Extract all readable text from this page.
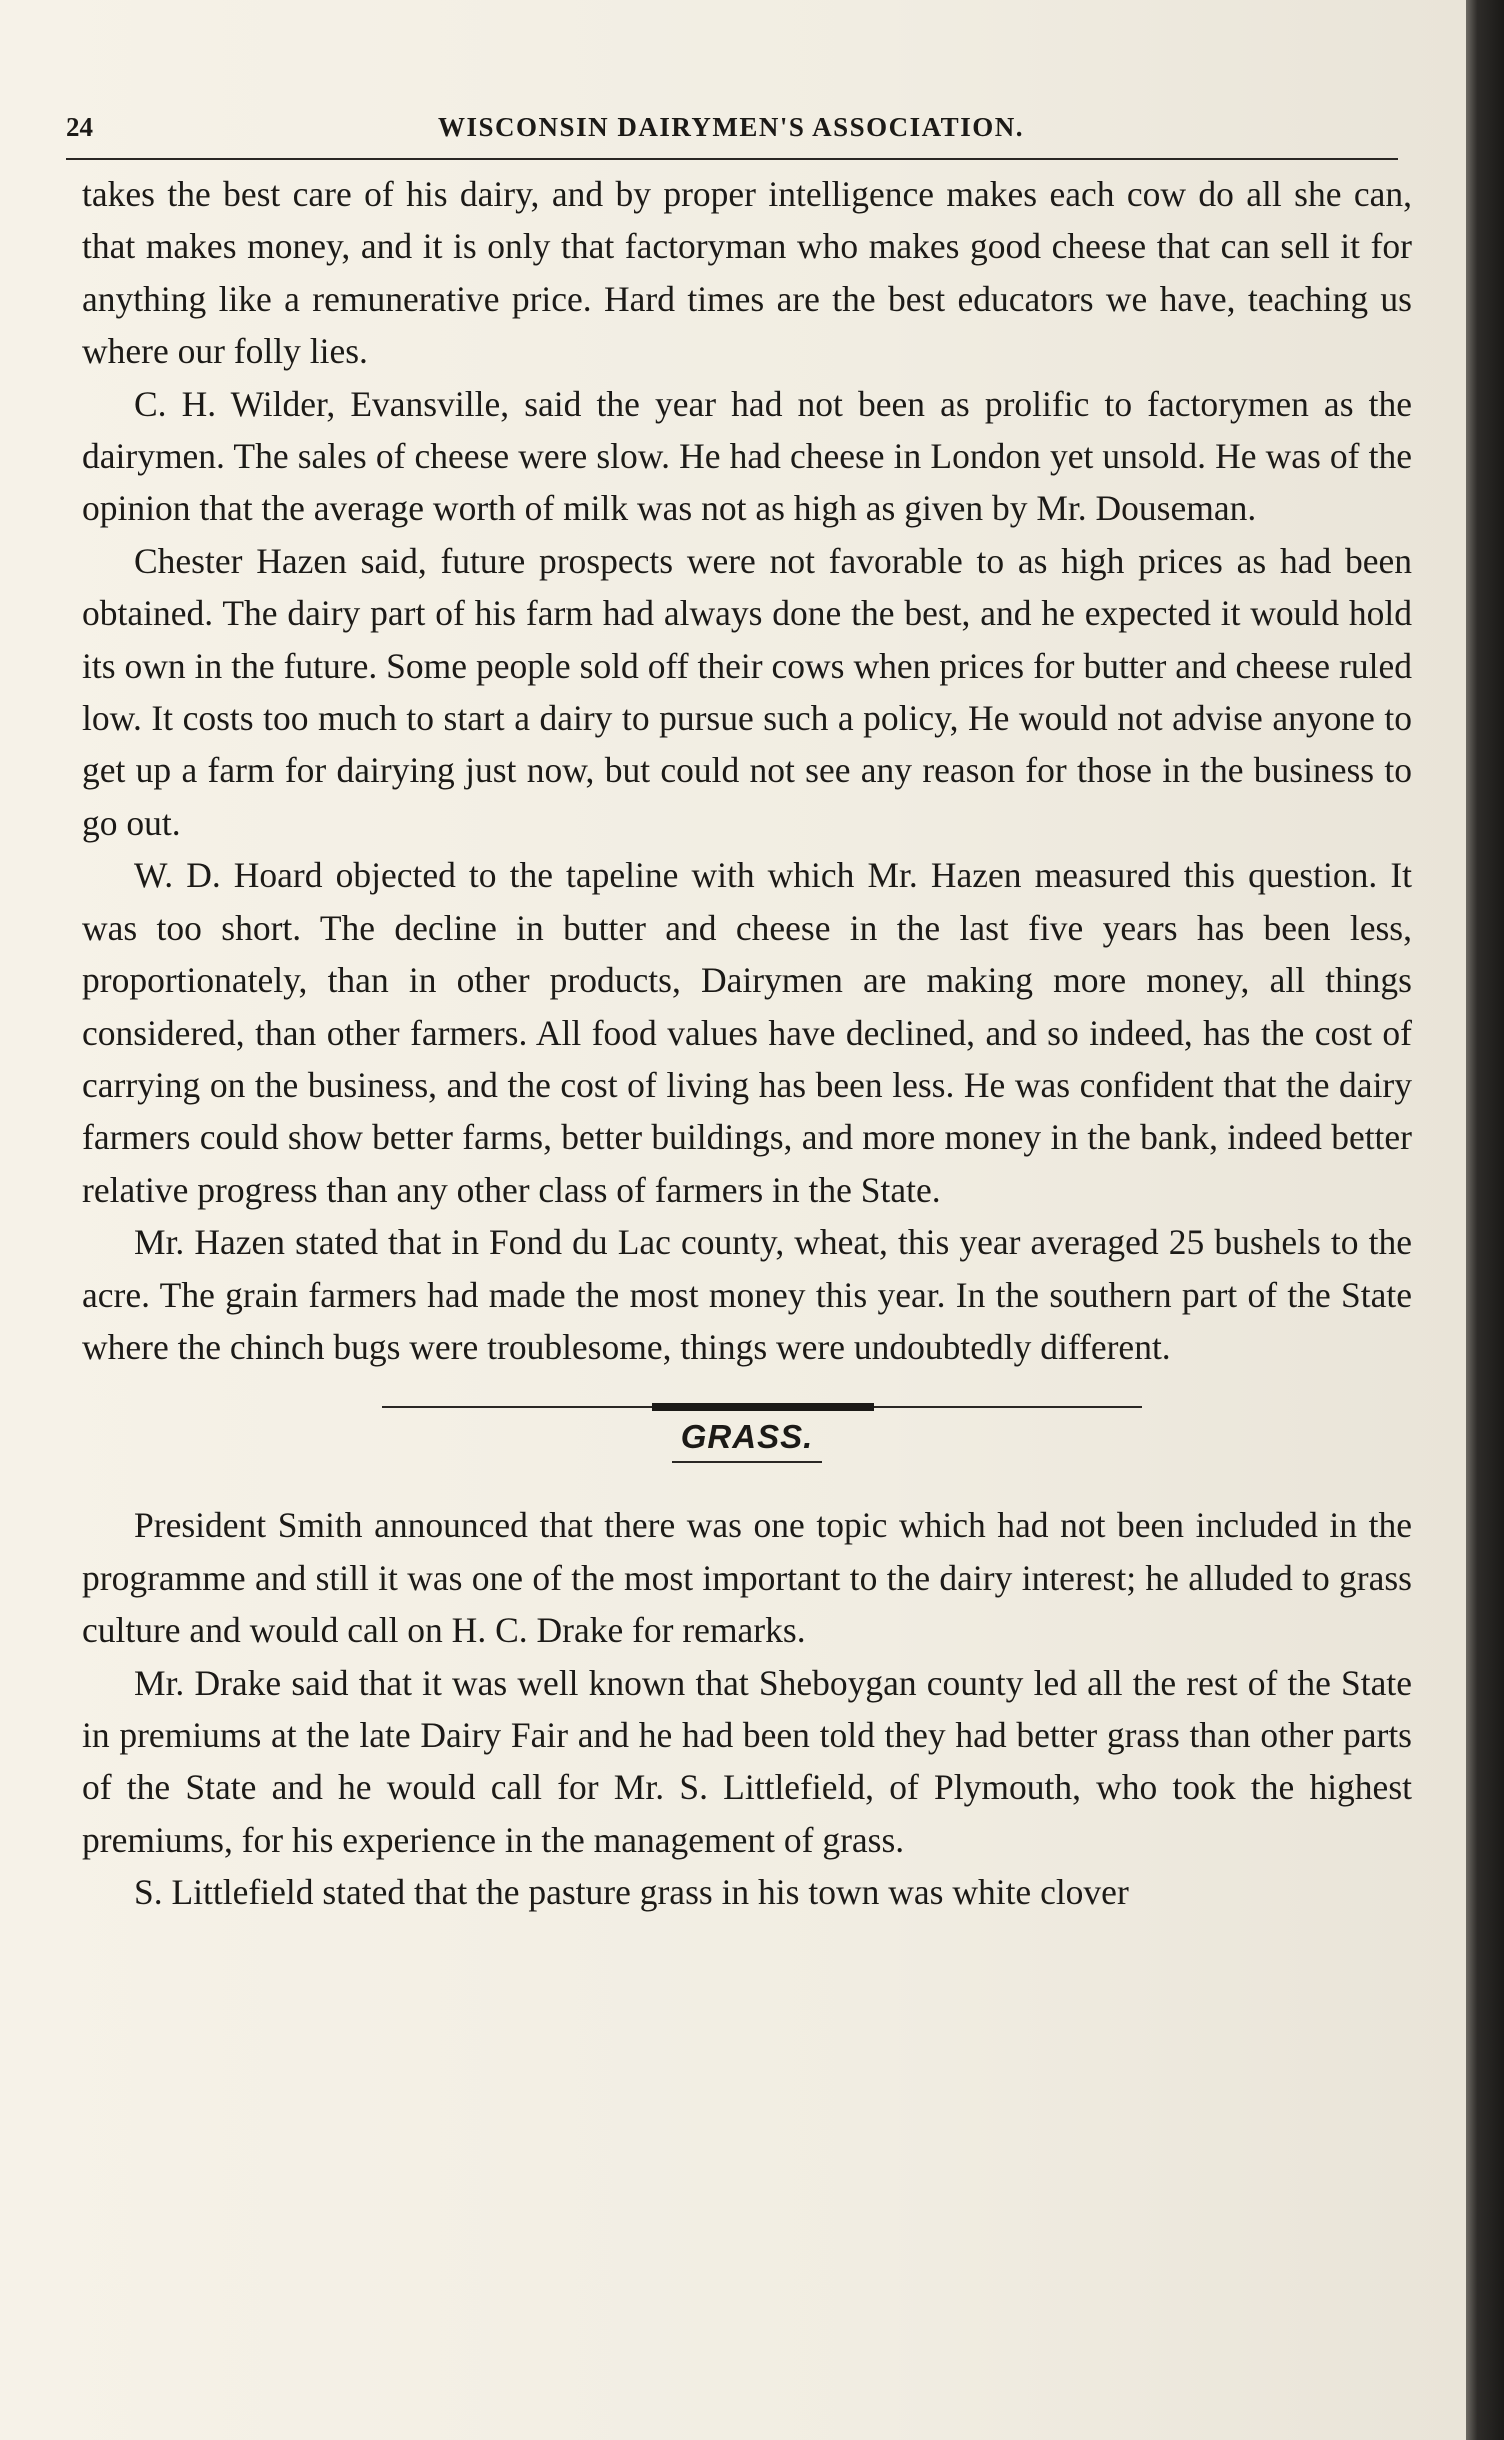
24	WISCONSIN DAIRYMEN'S ASSOCIATION.

takes the best care of his dairy, and by proper intelligence makes each cow do all she can, that makes money, and it is only that factoryman who makes good cheese that can sell it for anything like a remunerative price. Hard times are the best educators we have, teaching us where our folly lies.

C. H. Wilder, Evansville, said the year had not been as prolific to factorymen as the dairymen. The sales of cheese were slow. He had cheese in London yet unsold. He was of the opinion that the average worth of milk was not as high as given by Mr. Douseman.

Chester Hazen said, future prospects were not favorable to as high prices as had been obtained. The dairy part of his farm had always done the best, and he expected it would hold its own in the future. Some people sold off their cows when prices for butter and cheese ruled low. It costs too much to start a dairy to pursue such a policy, He would not advise anyone to get up a farm for dairying just now, but could not see any reason for those in the business to go out.

W. D. Hoard objected to the tapeline with which Mr. Hazen measured this question. It was too short. The decline in butter and cheese in the last five years has been less, proportionately, than in other products, Dairymen are making more money, all things considered, than other farmers. All food values have declined, and so indeed, has the cost of carrying on the business, and the cost of living has been less. He was confident that the dairy farmers could show better farms, better buildings, and more money in the bank, indeed better relative progress than any other class of farmers in the State.

Mr. Hazen stated that in Fond du Lac county, wheat, this year averaged 25 bushels to the acre. The grain farmers had made the most money this year. In the southern part of the State where the chinch bugs were troublesome, things were undoubtedly different.

GRASS.

President Smith announced that there was one topic which had not been included in the programme and still it was one of the most important to the dairy interest; he alluded to grass culture and would call on H. C. Drake for remarks.

Mr. Drake said that it was well known that Sheboygan county led all the rest of the State in premiums at the late Dairy Fair and he had been told they had better grass than other parts of the State and he would call for Mr. S. Littlefield, of Plymouth, who took the highest premiums, for his experience in the management of grass.

S. Littlefield stated that the pasture grass in his town was white clover
